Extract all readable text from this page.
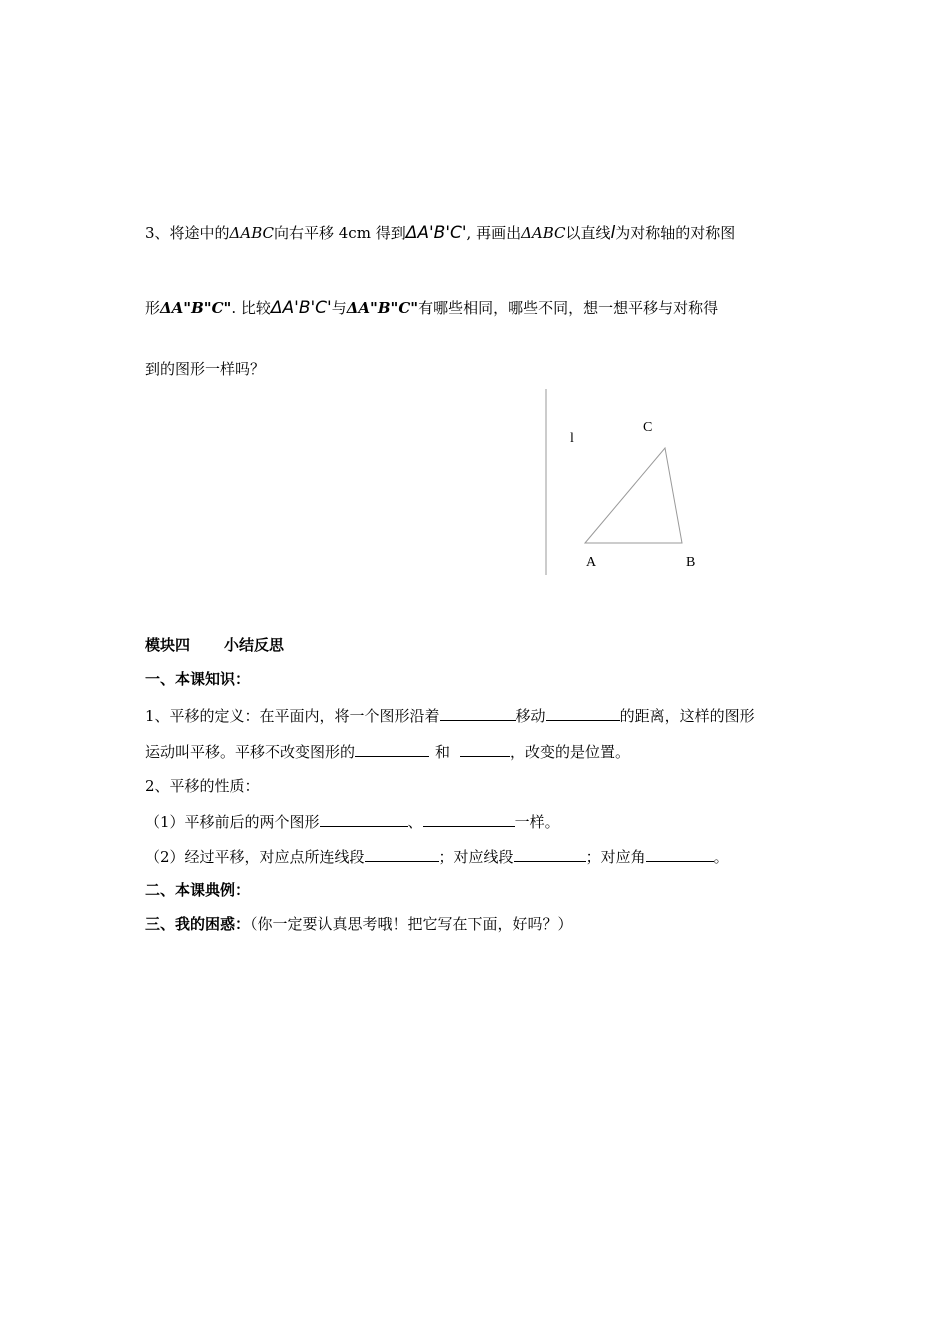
3、将途中的ΔABC向右平移 4cm 得到ΔA'B'C', 再画出ΔABC以直线l为对称轴的对称图
形ΔA"B"C". 比较ΔA'B'C'与ΔA"B"C"有哪些相同，哪些不同，想一想平移与对称得
到的图形一样吗？
l
C
A	B
模块四 小结反思
一、本课知识：
1、平移的定义：在平面内，将一个图形沿着	移动	的距离，这样的图形
运动叫平移。平移不改变图形的	和	，改变的是位置。
2、平移的性质：
（1）平移前后的两个图形	、	一样。
（2）经过平移，对应点所连线段	；对应线段	；对应角	。
二、本课典例：
三、我的困惑：（你一定要认真思考哦！把它写在下面，好吗？）
